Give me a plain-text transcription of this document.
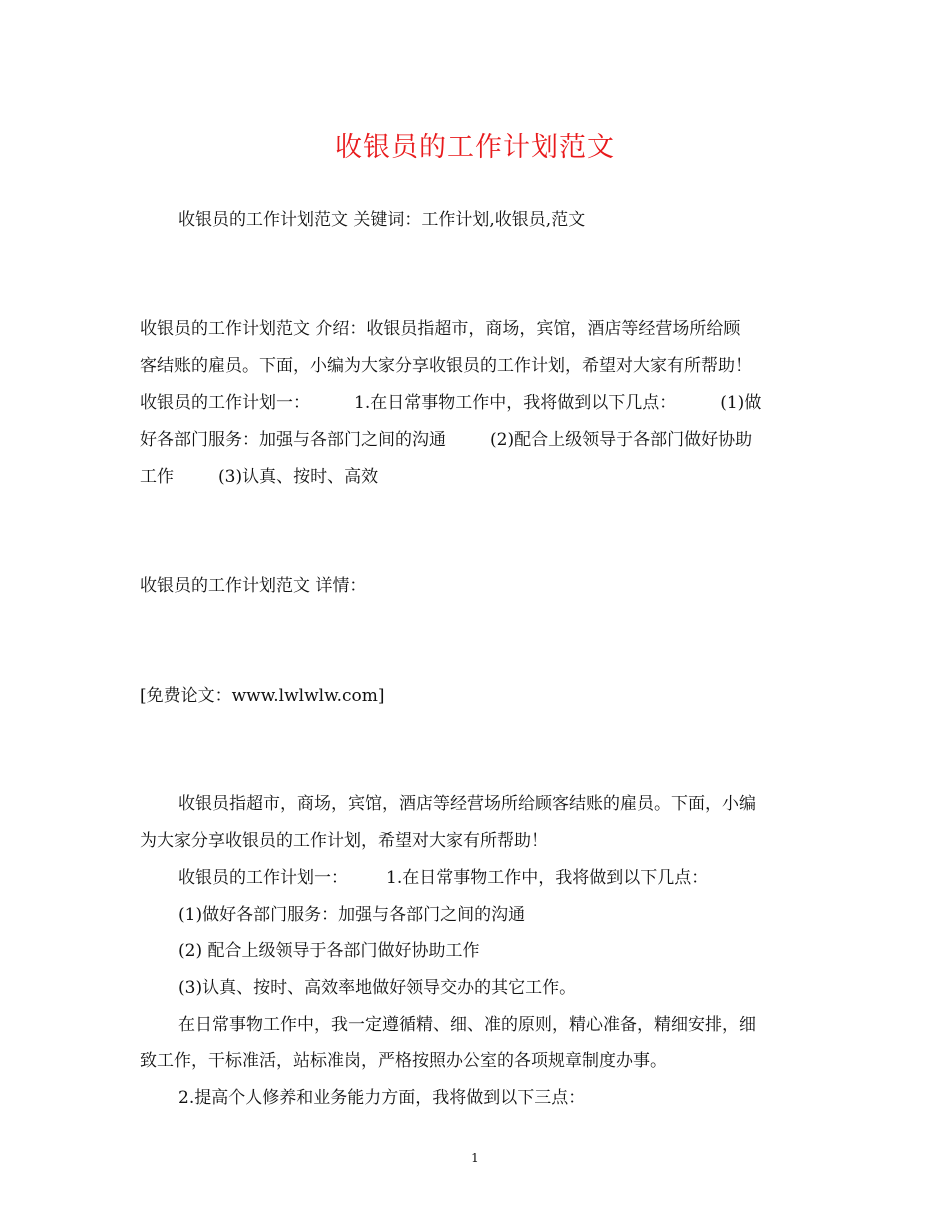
收银员的工作计划范文
收银员的工作计划范文 关键词：工作计划,收银员,范文
收银员的工作计划范文 介绍：收银员指超市，商场，宾馆，酒店等经营场所给顾
客结账的雇员。下面，小编为大家分享收银员的工作计划，希望对大家有所帮助！
收银员的工作计划一：	1.在日常事物工作中，我将做到以下几点：	(1)做
好各部门服务：加强与各部门之间的沟通	(2)配合上级领导于各部门做好协助
工作	(3)认真、按时、高效
收银员的工作计划范文 详情：
[免费论文：www.lwlwlw.com]
收银员指超市，商场，宾馆，酒店等经营场所给顾客结账的雇员。下面，小编
为大家分享收银员的工作计划，希望对大家有所帮助！
收银员的工作计划一： 1.在日常事物工作中，我将做到以下几点：
(1)做好各部门服务：加强与各部门之间的沟通
(2) 配合上级领导于各部门做好协助工作
(3)认真、按时、高效率地做好领导交办的其它工作。
在日常事物工作中，我一定遵循精、细、准的原则，精心准备，精细安排，细
致工作，干标准活，站标准岗，严格按照办公室的各项规章制度办事。
2.提高个人修养和业务能力方面，我将做到以下三点：
1
